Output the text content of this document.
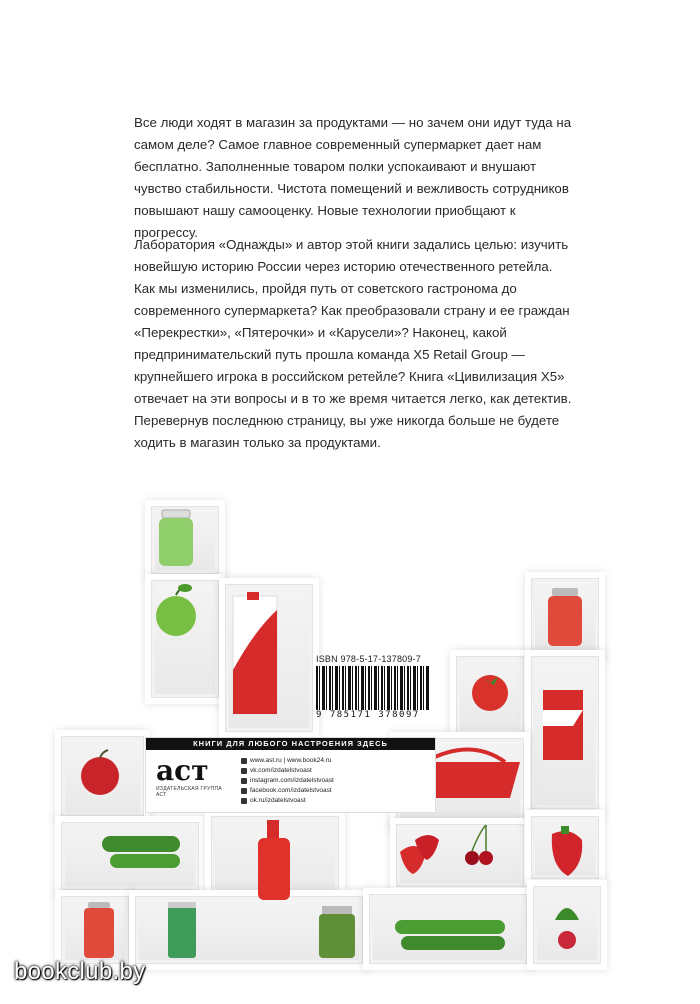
Все люди ходят в магазин за продуктами — но зачем они идут туда на самом деле? Самое главное современный супермаркет дает нам бесплатно. Заполненные товаром полки успокаивают и внушают чувство стабильности. Чистота помещений и вежливость сотрудников повышают нашу самооценку. Новые технологии приобщают к прогрессу.

Лаборатория «Однажды» и автор этой книги задались целью: изучить новейшую историю России через историю отечественного ретейла. Как мы изменились, пройдя путь от советского гастронома до современного супермаркета? Как преобразовали страну и ее граждан «Перекрестки», «Пятерочки» и «Карусели»? Наконец, какой предпринимательский путь прошла команда X5 Retail Group — крупнейшего игрока в российском ретейле? Книга «Цивилизация X5» отвечает на эти вопросы и в то же время читается легко, как детектив. Перевернув последнюю страницу, вы уже никогда больше не будете ходить в магазин только за продуктами.

ISBN 978-5-17-137809-7
9 785171 378097
КНИГИ ДЛЯ ЛЮБОГО НАСТРОЕНИЯ ЗДЕСЬ
аст
ИЗДАТЕЛЬСКАЯ ГРУППА АСТ
www.ast.ru | www.book24.ru
vk.com/izdatelstvoast
instagram.com/izdatelstvoast
facebook.com/izdatelstvoast
ok.ru/izdatelstvoast
bookclub.by
